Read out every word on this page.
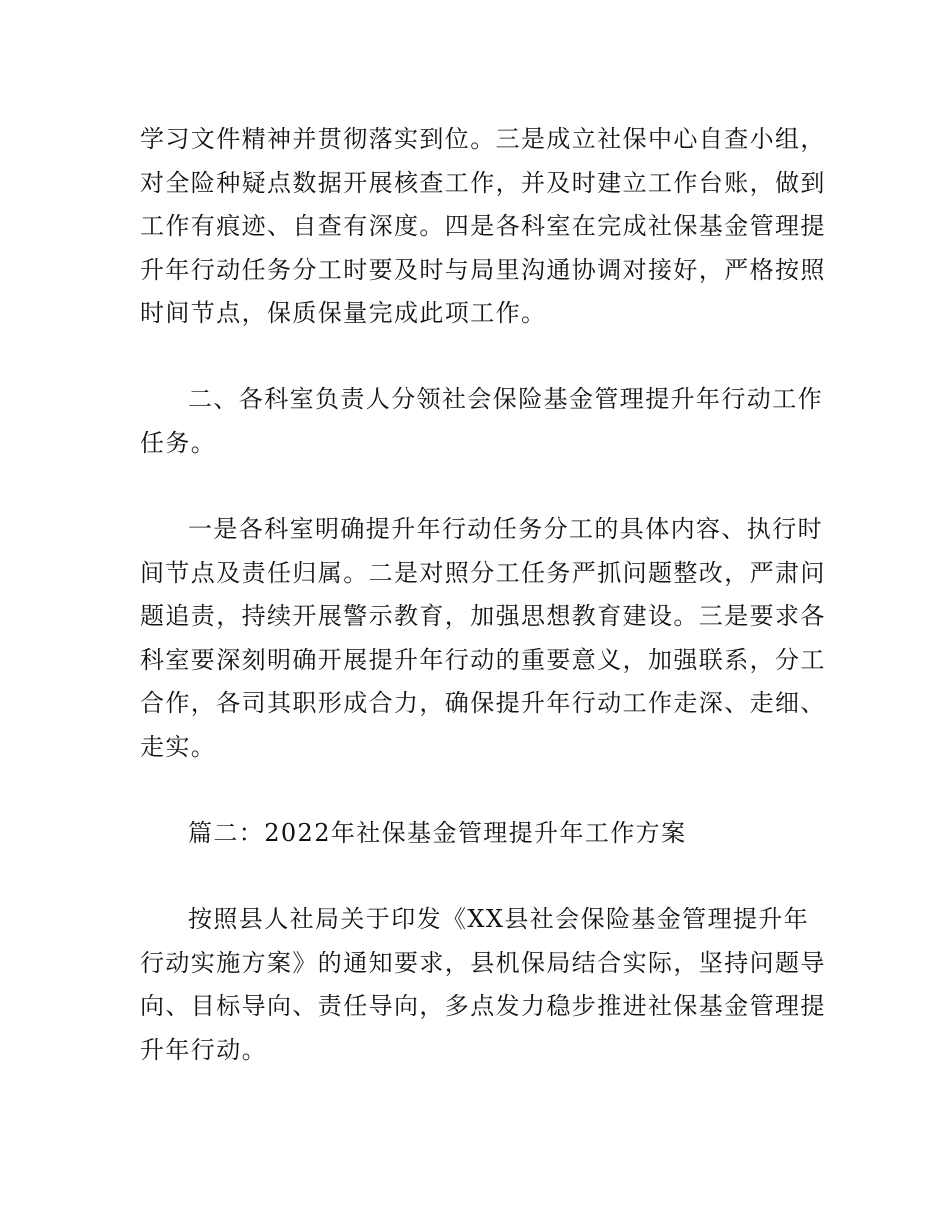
学习文件精神并贯彻落实到位。三是成立社保中心自查小组，
对全险种疑点数据开展核查工作，并及时建立工作台账，做到
工作有痕迹、自查有深度。四是各科室在完成社保基金管理提
升年行动任务分工时要及时与局里沟通协调对接好，严格按照
时间节点，保质保量完成此项工作。
二、各科室负责人分领社会保险基金管理提升年行动工作
任务。
一是各科室明确提升年行动任务分工的具体内容、执行时
间节点及责任归属。二是对照分工任务严抓问题整改，严肃问
题追责，持续开展警示教育，加强思想教育建设。三是要求各
科室要深刻明确开展提升年行动的重要意义，加强联系，分工
合作，各司其职形成合力，确保提升年行动工作走深、走细、
走实。
篇二：2022年社保基金管理提升年工作方案
按照县人社局关于印发《XX县社会保险基金管理提升年
行动实施方案》的通知要求，县机保局结合实际，坚持问题导
向、目标导向、责任导向，多点发力稳步推进社保基金管理提
升年行动。
